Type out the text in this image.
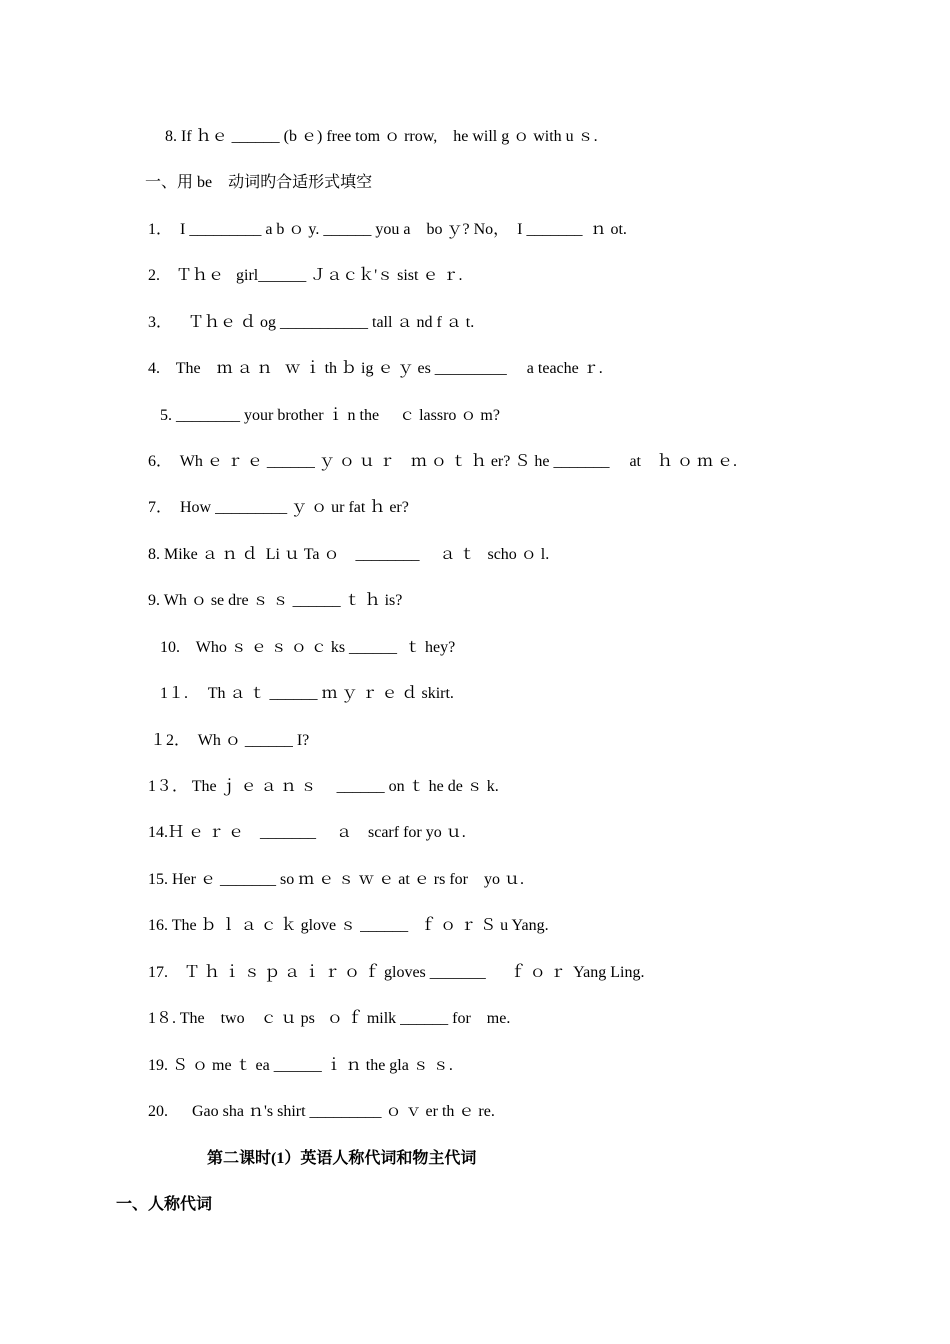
8. If ｈｅ ______ (b ｅ) free tom ｏ rrow,    he will g ｏ with u ｓ.
一、用 be    动词旳合适形式填空
1．  I _________ a b ｏ y. ______ you a    bo ｙ? No，  I _______  ｎ ot.
2.    Ｔｈｅ   girl______ Ｊａｃｋ'ｓ sist ｅ ｒ.
3．    Ｔｈｅ ｄ og ___________ tall ａ nd f ａ t.
4.    The    ｍ ａ ｎ   ｗ ｉ th ｂ ig ｅ ｙ es _________     a teache ｒ.
5. ________ your brother ｉ n the     ｃ lassro ｏ m?
6．  Wh ｅ ｒ ｅ ______ ｙ ｏ ｕ ｒ    ｍ ｏ ｔ ｈ er? Ｓ he _______     at    ｈ ｏ ｍ ｅ.
7．  How _________ ｙ ｏ ur fat ｈ er?
8. Mike ａ ｎ ｄ  Li ｕ Ta ｏ    ________     ａ ｔ   scho ｏ l.
9. Wh ｏ se dre ｓ ｓ ______ ｔ ｈ is?
10.    Who ｓ ｅ ｓ ｏ ｃ ks ______  ｔ hey?
1１.     Th ａ ｔ ______ ｍ ｙ ｒ ｅ ｄ skirt.
１2．  Wh ｏ ______ I?
1３． The ｊ ｅ ａ ｎ ｓ     ______ on ｔ he de ｓ k.
14.Ｈ ｅ ｒ ｅ    _______     ａ    scarf for yo ｕ.
15. Her ｅ _______ so ｍ ｅ ｓ ｗ ｅ at ｅ rs for    yo ｕ.
16. The ｂ ｌ ａ ｃ ｋ glove ｓ ______   ｆ ｏ ｒ Ｓ u Yang.
17.    Ｔ ｈ ｉ ｓ ｐ ａ ｉ ｒ ｏ ｆ gloves _______      ｆ ｏ ｒ  Yang Ling.
1８. The    two    ｃ ｕ ps   ｏ ｆ milk ______ for    me.
19. Ｓ ｏ me ｔ ea ______ ｉ ｎ the gla ｓ ｓ.
20.      Gao sha ｎ's shirt _________ ｏ ｖ er th ｅ re.
第二课时(1）英语人称代词和物主代词
一、人称代词
